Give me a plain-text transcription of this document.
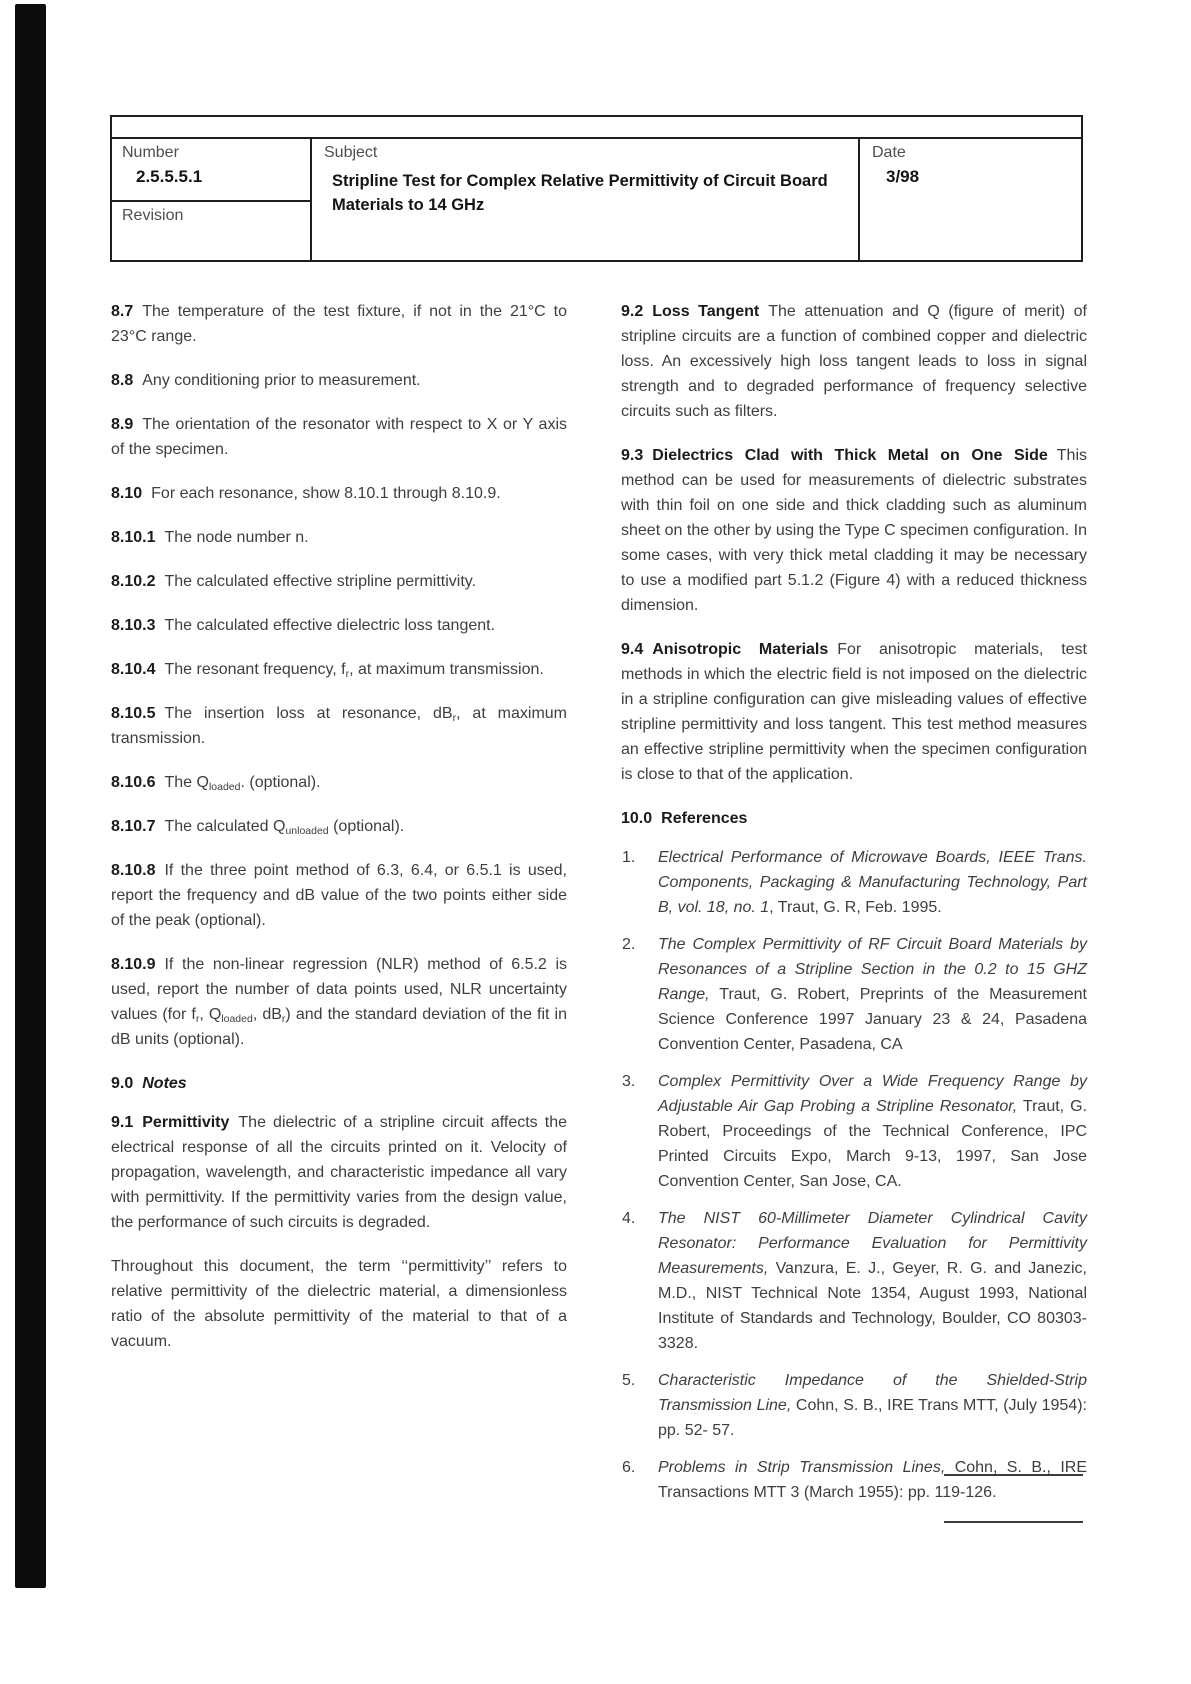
Number
2.5.5.5.1
Revision
Subject
Stripline Test for Complex Relative Permittivity of Circuit Board Materials to 14 GHz
Date
3/98
8.7 The temperature of the test fixture, if not in the 21°C to 23°C range.
8.8 Any conditioning prior to measurement.
8.9 The orientation of the resonator with respect to X or Y axis of the specimen.
8.10 For each resonance, show 8.10.1 through 8.10.9.
8.10.1 The node number n.
8.10.2 The calculated effective stripline permittivity.
8.10.3 The calculated effective dielectric loss tangent.
8.10.4 The resonant frequency, $f_r$, at maximum transmission.
8.10.5 The insertion loss at resonance, $dB_r$, at maximum transmission.
8.10.6 The $Q_{loaded}$. (optional).
8.10.7 The calculated $Q_{unloaded}$ (optional).
8.10.8 If the three point method of 6.3, 6.4, or 6.5.1 is used, report the frequency and dB value of the two points either side of the peak (optional).
8.10.9 If the non-linear regression (NLR) method of 6.5.2 is used, report the number of data points used, NLR uncertainty values (for $f_r$, $Q_{loaded}$, $dB_r$) and the standard deviation of the fit in dB units (optional).
9.0 Notes
9.1 Permittivity The dielectric of a stripline circuit affects the electrical response of all the circuits printed on it. Velocity of propagation, wavelength, and characteristic impedance all vary with permittivity. If the permittivity varies from the design value, the performance of such circuits is degraded.
Throughout this document, the term ‘‘permittivity’’ refers to relative permittivity of the dielectric material, a dimensionless ratio of the absolute permittivity of the material to that of a vacuum.
9.2 Loss Tangent The attenuation and Q (figure of merit) of stripline circuits are a function of combined copper and dielectric loss. An excessively high loss tangent leads to loss in signal strength and to degraded performance of frequency selective circuits such as filters.
9.3 Dielectrics Clad with Thick Metal on One Side This method can be used for measurements of dielectric substrates with thin foil on one side and thick cladding such as aluminum sheet on the other by using the Type C specimen configuration. In some cases, with very thick metal cladding it may be necessary to use a modified part 5.1.2 (Figure 4) with a reduced thickness dimension.
9.4 Anisotropic Materials For anisotropic materials, test methods in which the electric field is not imposed on the dielectric in a stripline configuration can give misleading values of effective stripline permittivity and loss tangent. This test method measures an effective stripline permittivity when the specimen configuration is close to that of the application.
10.0 References
1. Electrical Performance of Microwave Boards, IEEE Trans. Components, Packaging & Manufacturing Technology, Part B, vol. 18, no. 1, Traut, G. R, Feb. 1995.
2. The Complex Permittivity of RF Circuit Board Materials by Resonances of a Stripline Section in the 0.2 to 15 GHZ Range, Traut, G. Robert, Preprints of the Measurement Science Conference 1997 January 23 & 24, Pasadena Convention Center, Pasadena, CA
3. Complex Permittivity Over a Wide Frequency Range by Adjustable Air Gap Probing a Stripline Resonator, Traut, G. Robert, Proceedings of the Technical Conference, IPC Printed Circuits Expo, March 9-13, 1997, San Jose Convention Center, San Jose, CA.
4. The NIST 60-Millimeter Diameter Cylindrical Cavity Resonator: Performance Evaluation for Permittivity Measurements, Vanzura, E. J., Geyer, R. G. and Janezic, M.D., NIST Technical Note 1354, August 1993, National Institute of Standards and Technology, Boulder, CO 80303-3328.
5. Characteristic Impedance of the Shielded-Strip Transmission Line, Cohn, S. B., IRE Trans MTT, (July 1954): pp. 52- 57.
6. Problems in Strip Transmission Lines, Cohn, S. B., IRE Transactions MTT 3 (March 1955): pp. 119-126.
